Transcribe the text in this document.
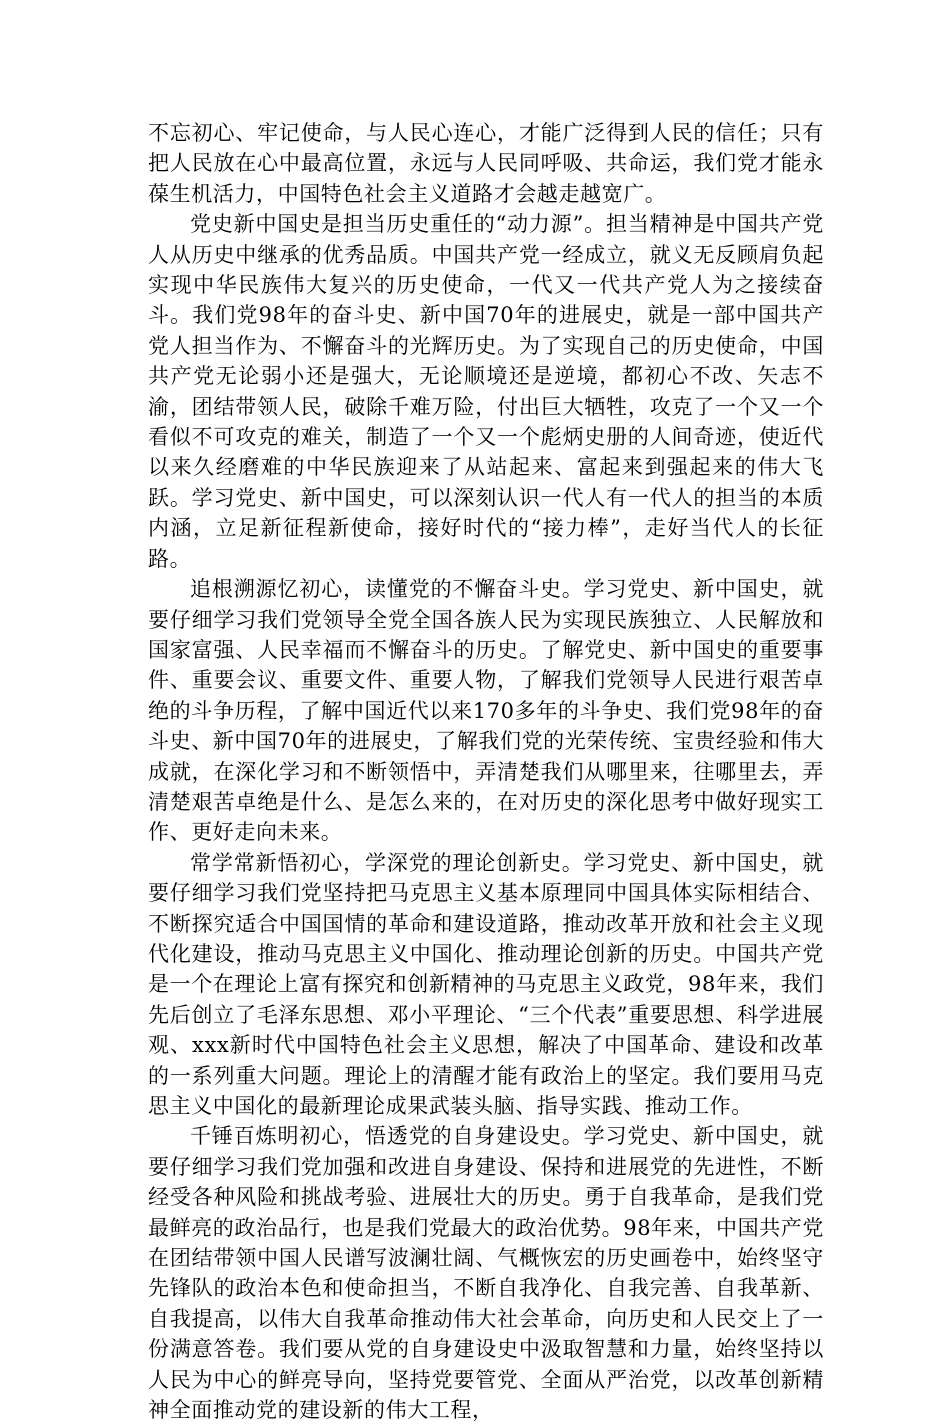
不忘初心、牢记使命，与人民心连心，才能广泛得到人民的信任；只有把人民放在心中最高位置，永远与人民同呼吸、共命运，我们党才能永葆生机活力，中国特色社会主义道路才会越走越宽广。

党史新中国史是担当历史重任的“动力源”。担当精神是中国共产党人从历史中继承的优秀品质。中国共产党一经成立，就义无反顾肩负起实现中华民族伟大复兴的历史使命，一代又一代共产党人为之接续奋斗。我们党98年的奋斗史、新中国70年的进展史，就是一部中国共产党人担当作为、不懈奋斗的光辉历史。为了实现自己的历史使命，中国共产党无论弱小还是强大，无论顺境还是逆境，都初心不改、矢志不渝，团结带领人民，破除千难万险，付出巨大牺牲，攻克了一个又一个看似不可攻克的难关，制造了一个又一个彪炳史册的人间奇迹，使近代以来久经磨难的中华民族迎来了从站起来、富起来到强起来的伟大飞跃。学习党史、新中国史，可以深刻认识一代人有一代人的担当的本质内涵，立足新征程新使命，接好时代的“接力棒”，走好当代人的长征路。

追根溯源忆初心，读懂党的不懈奋斗史。学习党史、新中国史，就要仔细学习我们党领导全党全国各族人民为实现民族独立、人民解放和国家富强、人民幸福而不懈奋斗的历史。了解党史、新中国史的重要事件、重要会议、重要文件、重要人物，了解我们党领导人民进行艰苦卓绝的斗争历程，了解中国近代以来170多年的斗争史、我们党98年的奋斗史、新中国70年的进展史，了解我们党的光荣传统、宝贵经验和伟大成就，在深化学习和不断领悟中，弄清楚我们从哪里来，往哪里去，弄清楚艰苦卓绝是什么、是怎么来的，在对历史的深化思考中做好现实工作、更好走向未来。

常学常新悟初心，学深党的理论创新史。学习党史、新中国史，就要仔细学习我们党坚持把马克思主义基本原理同中国具体实际相结合、不断探究适合中国国情的革命和建设道路，推动改革开放和社会主义现代化建设，推动马克思主义中国化、推动理论创新的历史。中国共产党是一个在理论上富有探究和创新精神的马克思主义政党，98年来，我们先后创立了毛泽东思想、邓小平理论、“三个代表”重要思想、科学进展观、xxx新时代中国特色社会主义思想，解决了中国革命、建设和改革的一系列重大问题。理论上的清醒才能有政治上的坚定。我们要用马克思主义中国化的最新理论成果武装头脑、指导实践、推动工作。

千锤百炼明初心，悟透党的自身建设史。学习党史、新中国史，就要仔细学习我们党加强和改进自身建设、保持和进展党的先进性，不断经受各种风险和挑战考验、进展壮大的历史。勇于自我革命，是我们党最鲜亮的政治品行，也是我们党最大的政治优势。98年来，中国共产党在团结带领中国人民谱写波澜壮阔、气概恢宏的历史画卷中，始终坚守先锋队的政治本色和使命担当，不断自我净化、自我完善、自我革新、自我提高，以伟大自我革命推动伟大社会革命，向历史和人民交上了一份满意答卷。我们要从党的自身建设史中汲取智慧和力量，始终坚持以人民为中心的鲜亮导向，坚持党要管党、全面从严治党，以改革创新精神全面推动党的建设新的伟大工程，
